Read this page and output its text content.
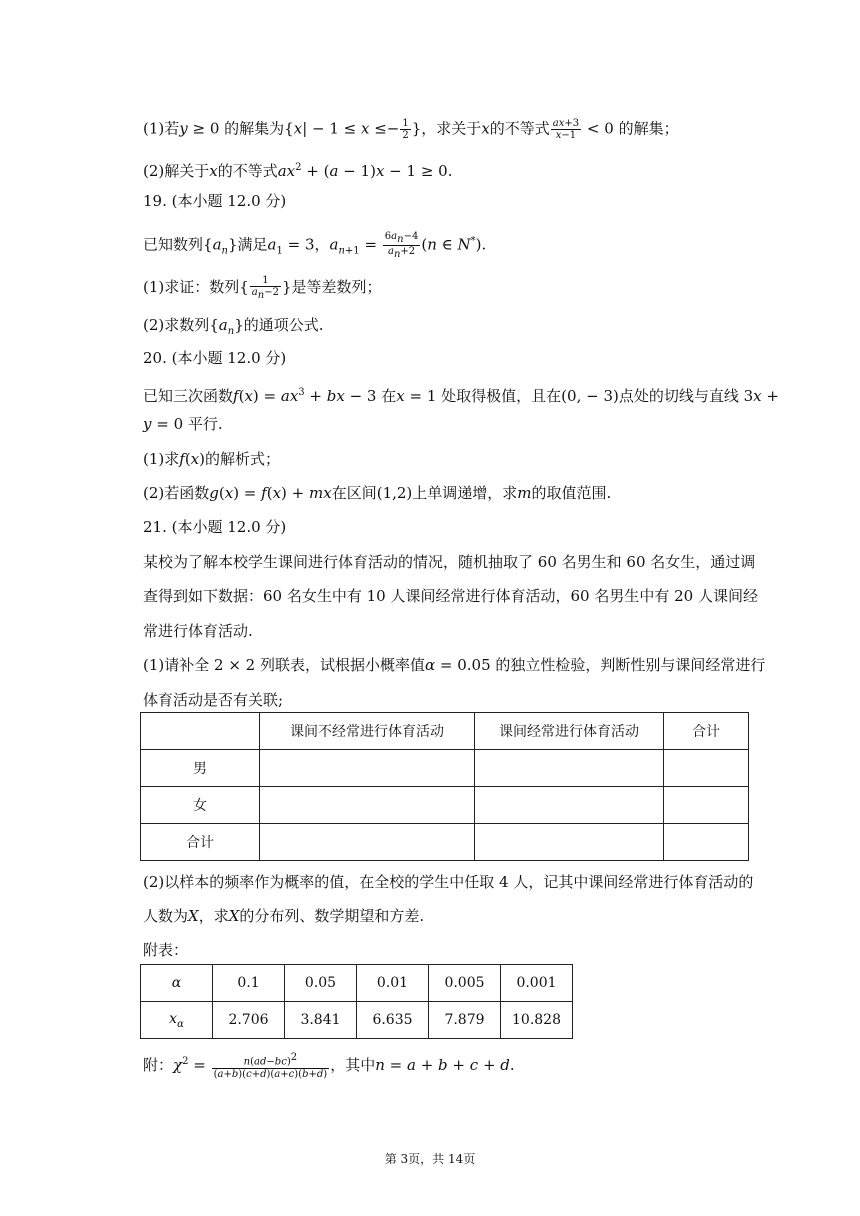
(1)若y ≥ 0 的解集为{$x| - 1 \le x \le- \frac{1}{2}$ }，求关于x的不等式 $\frac{ax+3}{x-1} < 0$ 的解集；
(2)解关于x的不等式$ax^2 + (a - 1)x - 1 \ge 0$.
19. (本小题 12.0 分)
已知数列$\{a_n\}$满足$a_1 = 3$，$a_{n+1} = \frac{6a_n-4}{a_n+2} (n$ ∈ N*).
(1)求证：数列{ $\frac{1}{a_n-2}$ }是等差数列；
(2)求数列$\{a_n\}$的通项公式.
20. (本小题 12.0 分)
已知三次函数$f(x) = ax^3$ + bx − 3 在x = 1 处取得极值，且在(0, − 3)点处的切线与直线 3x +
y = 0 平行.
(1)求f(x)的解析式；
(2)若函数g(x) = f(x) + mx在区间(1,2)上单调递增，求m的取值范围.
21. (本小题 12.0 分)
某校为了解本校学生课间进行体育活动的情况，随机抽取了 60 名男生和 60 名女生，通过调
查得到如下数据：60 名女生中有 10 人课间经常进行体育活动，60 名男生中有 20 人课间经
常进行体育活动.
(1)请补全 2 × 2 列联表，试根据小概率值α = 0.05 的独立性检验，判断性别与课间经常进行
体育活动是否有关联;
	课间不经常进行体育活动	课间经常进行体育活动	合计
男			
女			
合计			
(2)以样本的频率作为概率的值，在全校的学生中任取 4 人，记其中课间经常进行体育活动的
人数为X，求X的分布列、数学期望和方差.
附表：
α	0.1	0.05	0.01	0.005	0.001
$x_\alpha$	2.706	3.841	6.635	7.879	10.828
附：$\chi^2 = \frac{n(ad-bc)^2}{(a+b)(c+d)(a+c)(b+d)}$ ，其中n = a + b + c + d.
第 3页，共 14页
